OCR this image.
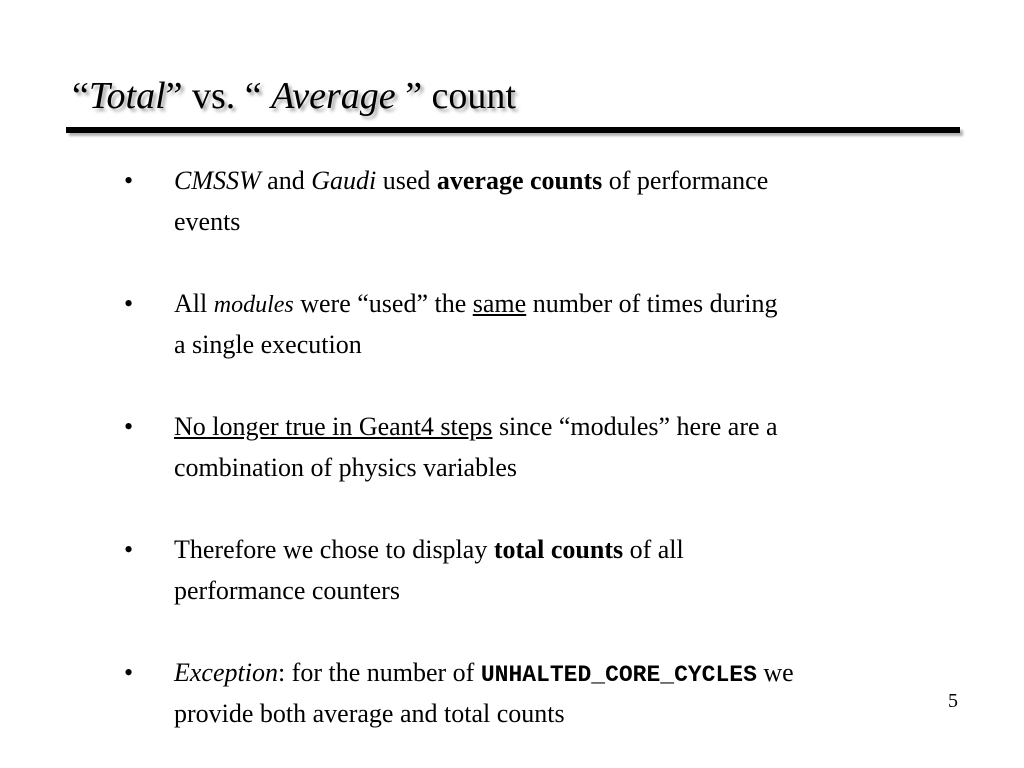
“Total” vs. “ Average ” count
• CMSSW and Gaudi used average counts of performance
events
• All modules were “used” the same number of times during
a single execution
• No longer true in Geant4 steps since “modules” here are a
combination of physics variables
• Therefore we chose to display total counts of all
performance counters
• Exception: for the number of UNHALTED_CORE_CYCLES we
provide both average and total counts	5
